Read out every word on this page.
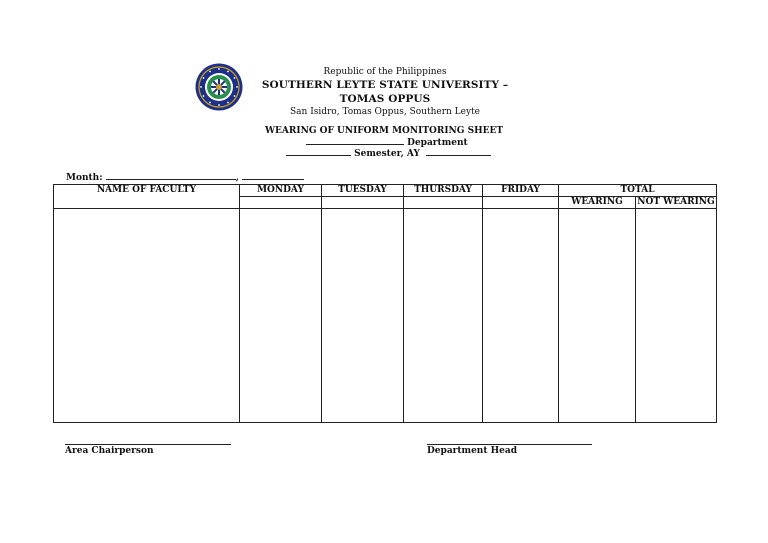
Republic of the Philippines
SOUTHERN LEYTE STATE UNIVERSITY – TOMAS OPPUS
San Isidro, Tomas Oppus, Southern Leyte
WEARING OF UNIFORM MONITORING SHEET
Department
Semester, AY
Month:	,
NAME OF FACULTY	MONDAY	TUESDAY	THURSDAY	FRIDAY	TOTAL	
					WEARING	NOT WEARING

Area Chairperson	Department Head
